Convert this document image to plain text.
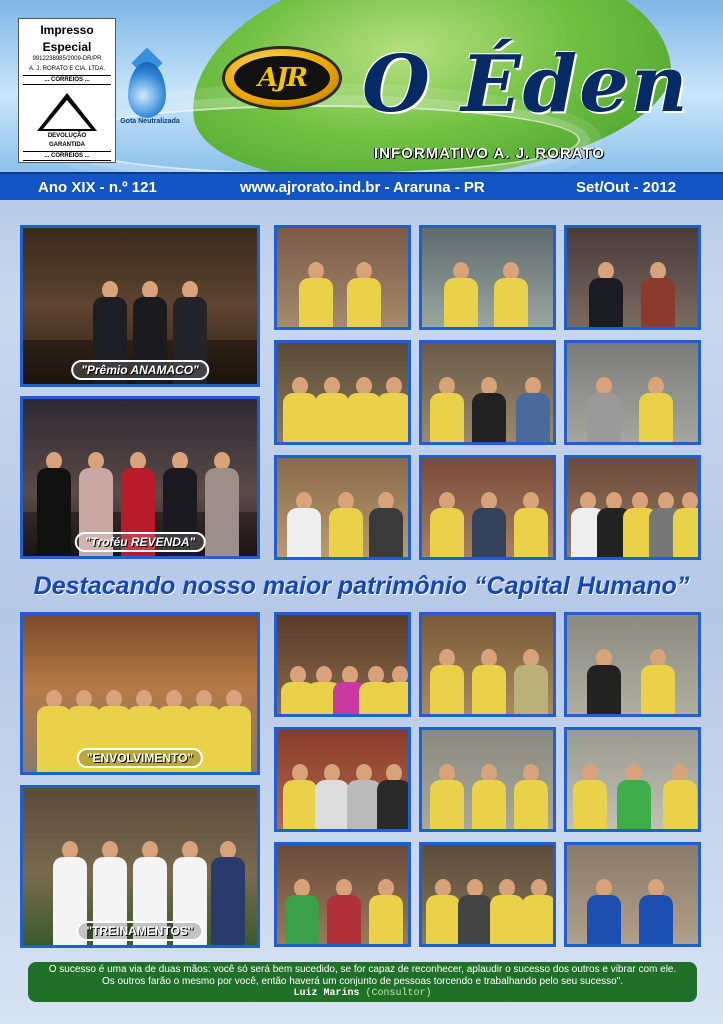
Impresso
Especial
9912238985/2009-DR/PR
A. J. RORATO E CIA. LTDA.
... CORREIOS ...
DEVOLUÇÃO
GARANTIDA
... CORREIOS ...
Gota Neutralizada
AJR O Éden
INFORMATIVO A. J. RORATO
Ano XIX - n.º 121	www.ajrorato.ind.br - Araruna - PR	Set/Out - 2012
"Prêmio ANAMACO"
"Troféu REVENDA"
Destacando nosso maior patrimônio “Capital Humano”
"ENVOLVIMENTO"
"TREINAMENTOS"
O sucesso é uma via de duas mãos: você só será bem sucedido, se for capaz de reconhecer, aplaudir o sucesso dos outros e vibrar com ele.
Os outros farão o mesmo por você, então haverá um conjunto de pessoas torcendo e trabalhando pelo seu sucesso".
Luiz Marins (Consultor)
